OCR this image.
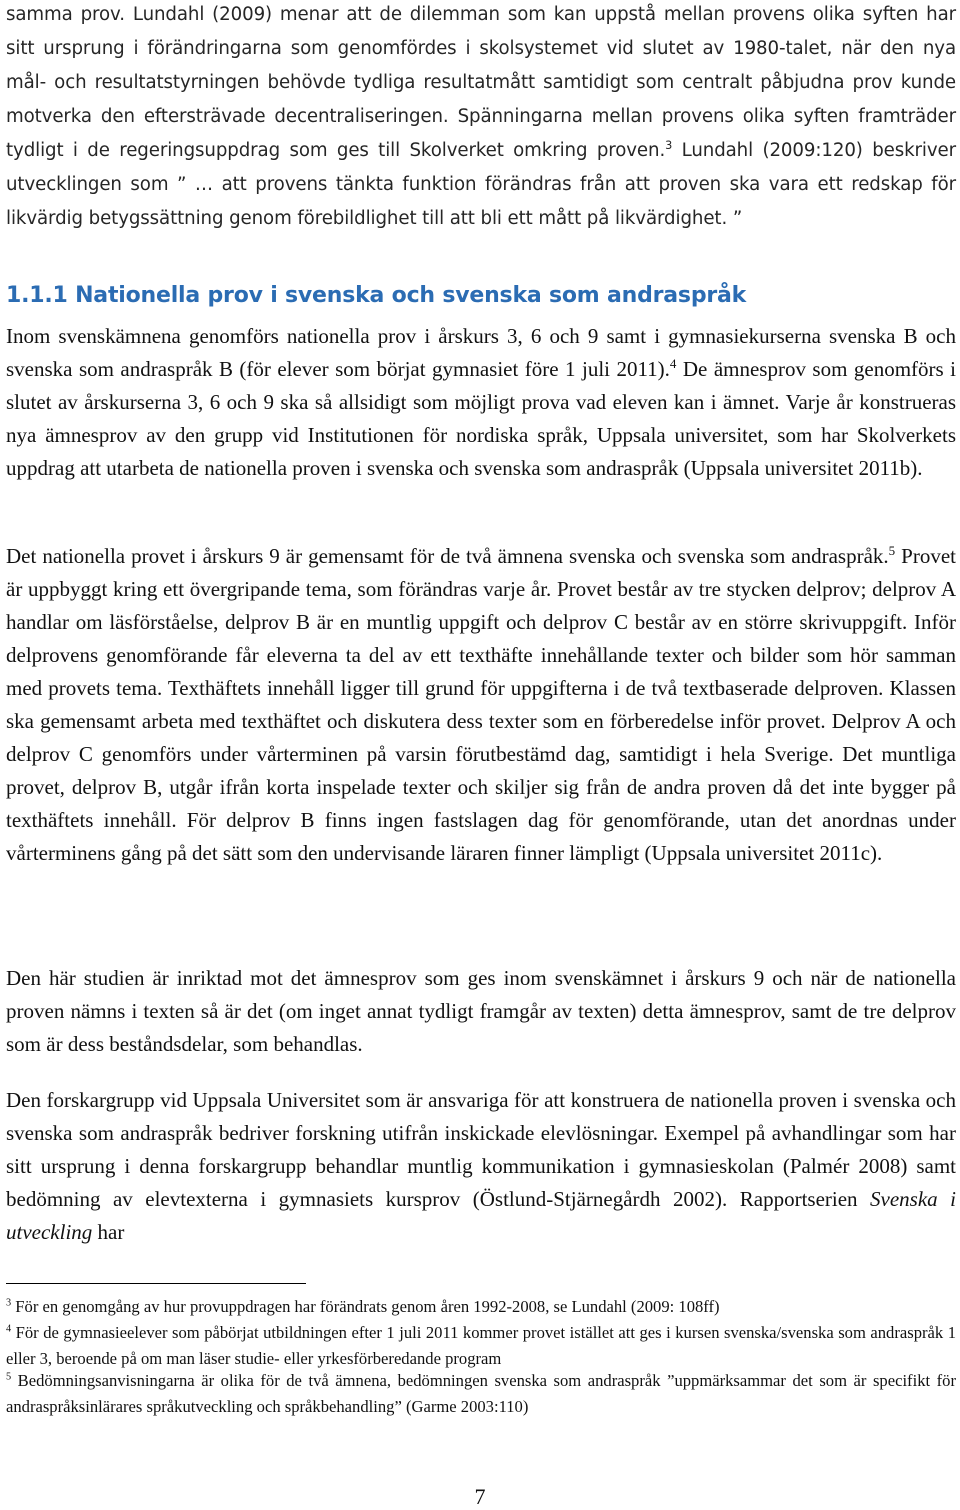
samma prov. Lundahl (2009) menar att de dilemman som kan uppstå mellan provens olika syften har sitt ursprung i förändringarna som genomfördes i skolsystemet vid slutet av 1980-talet, när den nya mål- och resultatstyrningen behövde tydliga resultatmått samtidigt som centralt påbjudna prov kunde motverka den eftersträvade decentraliseringen. Spänningarna mellan provens olika syften framträder tydligt i de regeringsuppdrag som ges till Skolverket omkring proven.$^3$ Lundahl (2009:120) beskriver utvecklingen som ” … att provens tänkta funktion förändras från att proven ska vara ett redskap för likvärdig betygssättning genom förebildlighet till att bli ett mått på likvärdighet. ”

1.1.1 Nationella prov i svenska och svenska som andraspråk

Inom svenskämnena genomförs nationella prov i årskurs 3, 6 och 9 samt i gymnasiekurserna svenska B och svenska som andraspråk B (för elever som börjat gymnasiet före 1 juli 2011).$^4$ De ämnesprov som genomförs i slutet av årskurserna 3, 6 och 9 ska så allsidigt som möjligt prova vad eleven kan i ämnet. Varje år konstrueras nya ämnesprov av den grupp vid Institutionen för nordiska språk, Uppsala universitet, som har Skolverkets uppdrag att utarbeta de nationella proven i svenska och svenska som andraspråk (Uppsala universitet 2011b).

Det nationella provet i årskurs 9 är gemensamt för de två ämnena svenska och svenska som andraspråk.$^5$ Provet är uppbyggt kring ett övergripande tema, som förändras varje år. Provet består av tre stycken delprov; delprov A handlar om läsförståelse, delprov B är en muntlig uppgift och delprov C består av en större skrivuppgift. Inför delprovens genomförande får eleverna ta del av ett texthäfte innehållande texter och bilder som hör samman med provets tema. Texthäftets innehåll ligger till grund för uppgifterna i de två textbaserade delproven. Klassen ska gemensamt arbeta med texthäftet och diskutera dess texter som en förberedelse inför provet. Delprov A och delprov C genomförs under vårterminen på varsin förutbestämd dag, samtidigt i hela Sverige. Det muntliga provet, delprov B, utgår ifrån korta inspelade texter och skiljer sig från de andra proven då det inte bygger på texthäftets innehåll. För delprov B finns ingen fastslagen dag för genomförande, utan det anordnas under vårterminens gång på det sätt som den undervisande läraren finner lämpligt (Uppsala universitet 2011c).

Den här studien är inriktad mot det ämnesprov som ges inom svenskämnet i årskurs 9 och när de nationella proven nämns i texten så är det (om inget annat tydligt framgår av texten) detta ämnesprov, samt de tre delprov som är dess beståndsdelar, som behandlas.

Den forskargrupp vid Uppsala Universitet som är ansvariga för att konstruera de nationella proven i svenska och svenska som andraspråk bedriver forskning utifrån inskickade elevlösningar. Exempel på avhandlingar som har sitt ursprung i denna forskargrupp behandlar muntlig kommunikation i gymnasieskolan (Palmér 2008) samt bedömning av elevtexterna i gymnasiets kursprov (Östlund-Stjärnegårdh 2002). Rapportserien Svenska i utveckling har

$^3$ För en genomgång av hur provuppdragen har förändrats genom åren 1992-2008, se Lundahl (2009: 108ff)

$^4$ För de gymnasieelever som påbörjat utbildningen efter 1 juli 2011 kommer provet istället att ges i kursen svenska/svenska som andraspråk 1 eller 3, beroende på om man läser studie- eller yrkesförberedande program

$^5$ Bedömningsanvisningarna är olika för de två ämnena, bedömningen svenska som andraspråk ”uppmärksammar det som är specifikt för andraspråksinlärares språkutveckling och språkbehandling” (Garme 2003:110)

7
